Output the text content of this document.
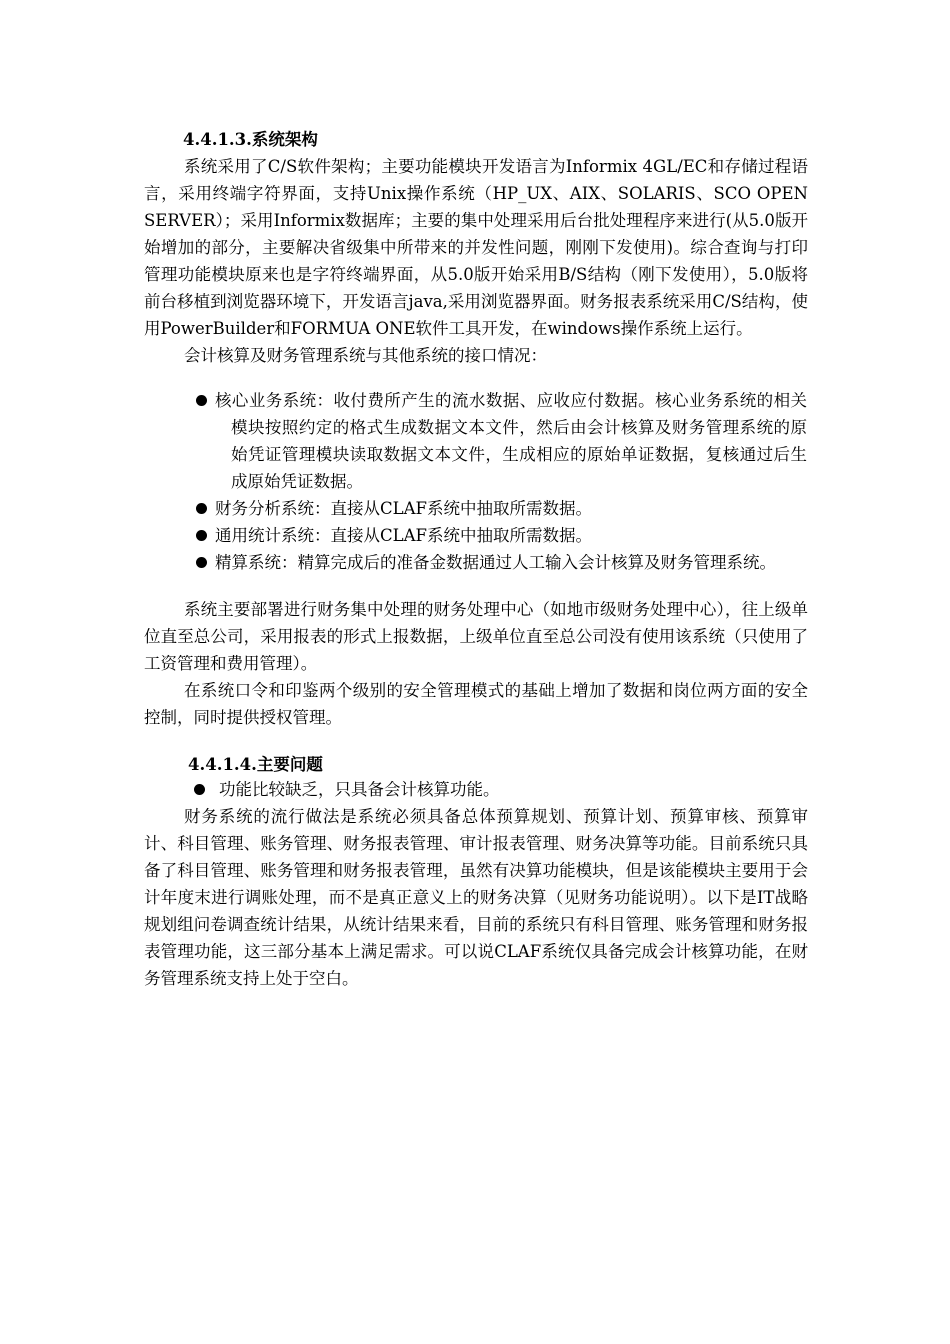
4.4.1.3.系统架构

系统采用了C/S软件架构；主要功能模块开发语言为Informix 4GL/EC和存储过程语言，采用终端字符界面，支持Unix操作系统（HP_UX、AIX、SOLARIS、SCO OPEN SERVER）；采用Informix数据库；主要的集中处理采用后台批处理程序来进行(从5.0版开始增加的部分，主要解决省级集中所带来的并发性问题，刚刚下发使用)。综合查询与打印管理功能模块原来也是字符终端界面，从5.0版开始采用B/S结构（刚下发使用），5.0版将前台移植到浏览器环境下，开发语言java,采用浏览器界面。财务报表系统采用C/S结构，使用PowerBuilder和FORMUA ONE软件工具开发，在windows操作系统上运行。

会计核算及财务管理系统与其他系统的接口情况：

核心业务系统：收付费所产生的流水数据、应收应付数据。核心业务系统的相关模块按照约定的格式生成数据文本文件，然后由会计核算及财务管理系统的原始凭证管理模块读取数据文本文件，生成相应的原始单证数据，复核通过后生成原始凭证数据。
财务分析系统：直接从CLAF系统中抽取所需数据。
通用统计系统：直接从CLAF系统中抽取所需数据。
精算系统：精算完成后的准备金数据通过人工输入会计核算及财务管理系统。

系统主要部署进行财务集中处理的财务处理中心（如地市级财务处理中心），往上级单位直至总公司，采用报表的形式上报数据，上级单位直至总公司没有使用该系统（只使用了工资管理和费用管理）。

在系统口令和印鉴两个级别的安全管理模式的基础上增加了数据和岗位两方面的安全控制，同时提供授权管理。

4.4.1.4.主要问题
功能比较缺乏，只具备会计核算功能。

财务系统的流行做法是系统必须具备总体预算规划、预算计划、预算审核、预算审计、科目管理、账务管理、财务报表管理、审计报表管理、财务决算等功能。目前系统只具备了科目管理、账务管理和财务报表管理，虽然有决算功能模块，但是该能模块主要用于会计年度末进行调账处理，而不是真正意义上的财务决算（见财务功能说明）。以下是IT战略规划组问卷调查统计结果，从统计结果来看，目前的系统只有科目管理、账务管理和财务报表管理功能，这三部分基本上满足需求。可以说CLAF系统仅具备完成会计核算功能，在财务管理系统支持上处于空白。
